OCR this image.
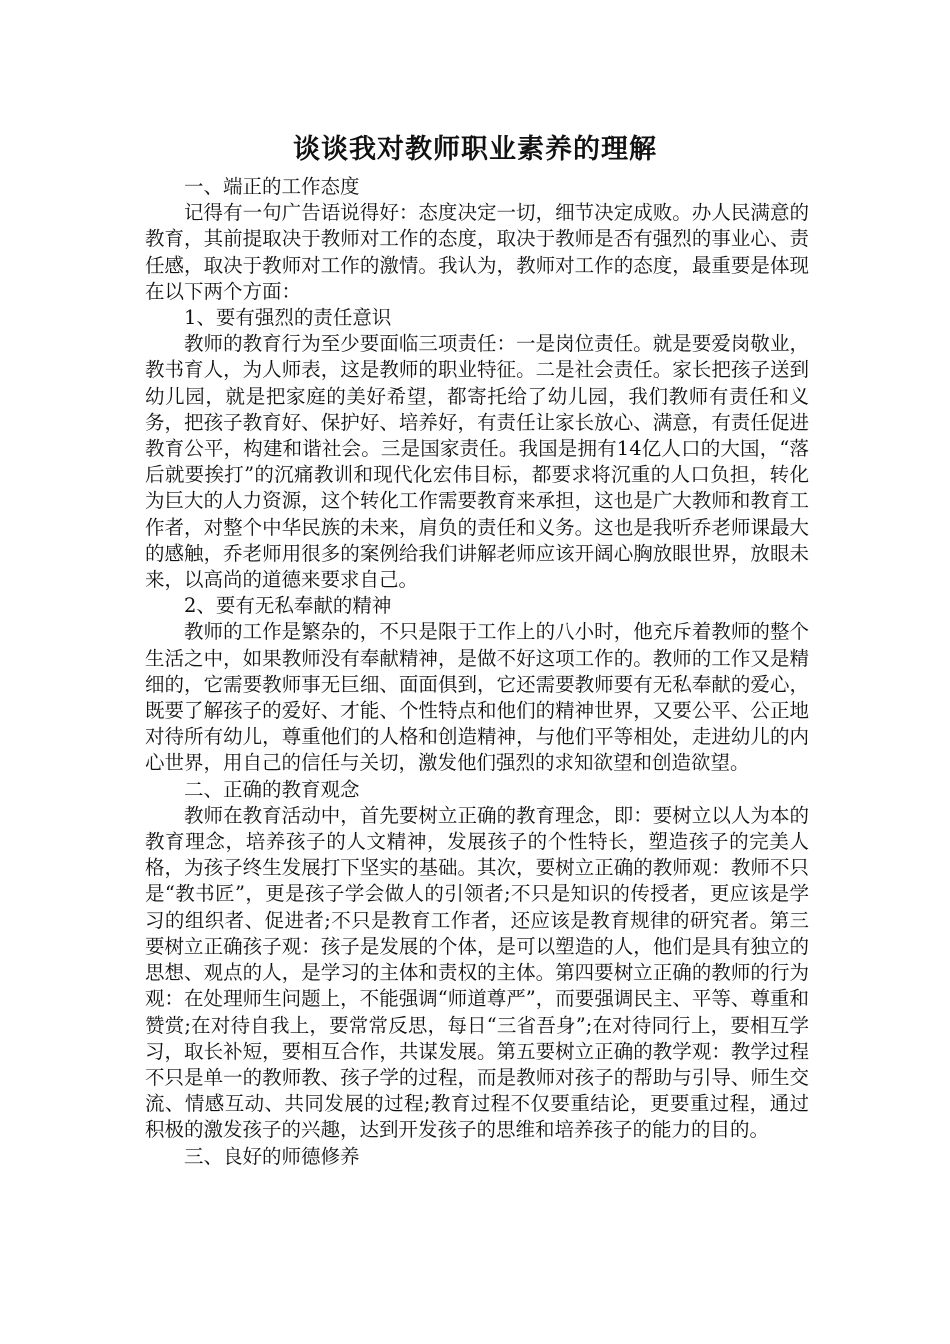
谈谈我对教师职业素养的理解

一、端正的工作态度

记得有一句广告语说得好：态度决定一切，细节决定成败。办人民满意的教育，其前提取决于教师对工作的态度，取决于教师是否有强烈的事业心、责任感，取决于教师对工作的激情。我认为，教师对工作的态度，最重要是体现在以下两个方面：

1、要有强烈的责任意识

教师的教育行为至少要面临三项责任：一是岗位责任。就是要爱岗敬业，教书育人，为人师表，这是教师的职业特征。二是社会责任。家长把孩子送到幼儿园，就是把家庭的美好希望，都寄托给了幼儿园，我们教师有责任和义务，把孩子教育好、保护好、培养好，有责任让家长放心、满意，有责任促进教育公平，构建和谐社会。三是国家责任。我国是拥有14亿人口的大国，“落后就要挨打”的沉痛教训和现代化宏伟目标，都要求将沉重的人口负担，转化为巨大的人力资源，这个转化工作需要教育来承担，这也是广大教师和教育工作者，对整个中华民族的未来，肩负的责任和义务。这也是我听乔老师课最大的感触，乔老师用很多的案例给我们讲解老师应该开阔心胸放眼世界，放眼未来，以高尚的道德来要求自己。

2、要有无私奉献的精神

教师的工作是繁杂的，不只是限于工作上的八小时，他充斥着教师的整个生活之中，如果教师没有奉献精神，是做不好这项工作的。教师的工作又是精细的，它需要教师事无巨细、面面俱到，它还需要教师要有无私奉献的爱心，既要了解孩子的爱好、才能、个性特点和他们的精神世界，又要公平、公正地对待所有幼儿，尊重他们的人格和创造精神，与他们平等相处，走进幼儿的内心世界，用自己的信任与关切，激发他们强烈的求知欲望和创造欲望。

二、正确的教育观念

教师在教育活动中，首先要树立正确的教育理念，即：要树立以人为本的教育理念，培养孩子的人文精神，发展孩子的个性特长，塑造孩子的完美人格，为孩子终生发展打下坚实的基础。其次，要树立正确的教师观：教师不只是“教书匠”，更是孩子学会做人的引领者;不只是知识的传授者，更应该是学习的组织者、促进者;不只是教育工作者，还应该是教育规律的研究者。第三要树立正确孩子观：孩子是发展的个体，是可以塑造的人，他们是具有独立的思想、观点的人，是学习的主体和责权的主体。第四要树立正确的教师的行为观：在处理师生问题上，不能强调“师道尊严”，而要强调民主、平等、尊重和赞赏;在对待自我上，要常常反思，每日“三省吾身”;在对待同行上，要相互学习，取长补短，要相互合作，共谋发展。第五要树立正确的教学观：教学过程不只是单一的教师教、孩子学的过程，而是教师对孩子的帮助与引导、师生交流、情感互动、共同发展的过程;教育过程不仅要重结论，更要重过程，通过积极的激发孩子的兴趣，达到开发孩子的思维和培养孩子的能力的目的。

三、良好的师德修养
